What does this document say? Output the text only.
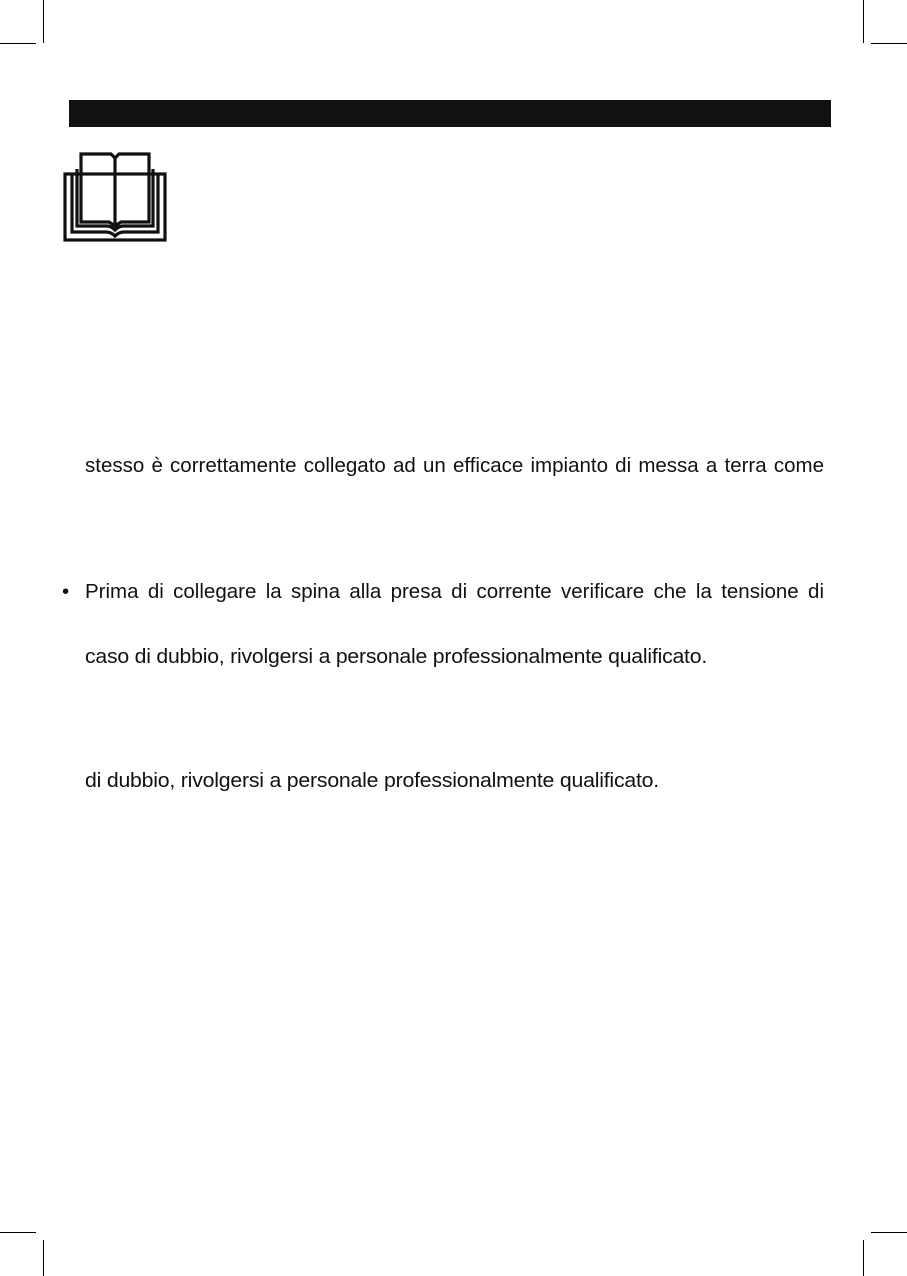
stesso è correttamente collegato ad un efficace impianto di messa a terra come
• Prima di collegare la spina alla presa di corrente verificare che la tensione di
caso di dubbio, rivolgersi a personale professionalmente qualificato.
di dubbio, rivolgersi a personale professionalmente qualificato.
